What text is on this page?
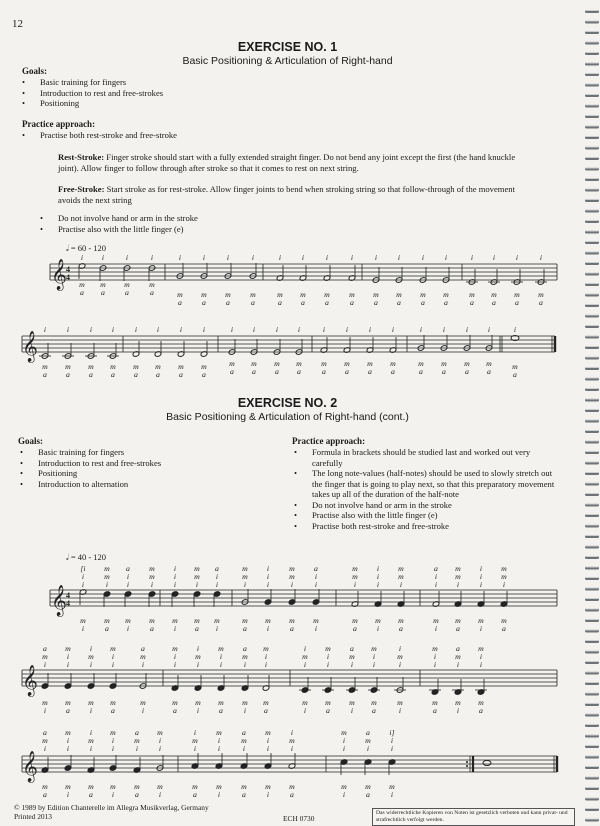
12
EXERCISE NO. 1
Basic Positioning & Articulation of Right-hand
Goals:
• Basic training for fingers
• Introduction to rest and free-strokes
• Positioning
Practice approach:
• Practise both rest-stroke and free-stroke
Rest-Stroke: Finger stroke should start with a fully extended straight finger. Do not bend any joint except the first (the hand knuckle joint). Allow finger to follow through after stroke so that it comes to rest on next string.
Free-Stroke: Start stroke as for rest-stroke. Allow finger joints to bend when stroking string so that follow-through of the movement avoids the next string
• Do not involve hand or arm in the stroke
• Practise also with the little finger (e)
𝅗𝅥 = 60 - 120
𝄞 4
4
i
m
a
i
m
a
i
m
a
i
m
a
i
m
a
i
m
a
i
m
a
i
m
a
i
m
a
i
m
a
i
m
a
i
m
a
i
m
a
i
m
a
i
m
a
i
m
a
i
m
a
i
m
a
i
m
a
i
m
a
𝄞
i
m
a
i
m
a
i
m
a
i
m
a
i
m
a
i
m
a
i
m
a
i
m
a
i
m
a
i
m
a
i
m
a
i
m
a
i
m
a
i
m
a
i
m
a
i
m
a
i
m
a
i
m
a
i
m
a
i
m
a
i
m
a
EXERCISE NO. 2
Basic Positioning & Articulation of Right-hand (cont.)
Goals:
• Basic training for fingers
• Introduction to rest and free-strokes
• Positioning
• Introduction to alternation
Practice approach:
• Formula in brackets should be studied last and worked out very carefully
• The long note-values (half-notes) should be used to slowly stretch out the finger that is going to play next, so that this preparatory movement takes up all of the duration of the half-note
• Do not involve hand or arm in the stroke
• Practise also with the little finger (e)
• Practise both rest-stroke and free-stroke
𝅗𝅥 = 40 - 120
𝄞 4
4
[i
i
i
m
i
m
m
i
m
a
a
i
i
m
i
m
m
i
m
a
i
i
i
m
i
m
m
i
m
a
a
i
i
m
i
m
m
i
m
a
i
i
i
m
i
m
m
i
m
a
a
i
i
m
i
m
m
i
m
a
i
i
i
m
i
m
m
i
m
a
a
i
i
m
i
m
m
i
m
a
i
i
i
m
i
m
m
i
m
a
𝄞
a
m
i
m
i
m
i
i
m
a
i
m
i
m
i
m
i
i
m
a
a
m
i
m
i
m
i
i
m
a
i
m
i
m
i
m
i
i
m
a
a
m
i
m
i
m
i
i
m
a
i
m
i
m
i
m
i
i
m
a
a
m
i
m
i
m
i
i
m
a
i
m
i
m
i
m
i
i
m
a
a
m
i
m
i
m
i
i
m
a
𝄞
a
m
i
m
a
m
i
i
m
i
i
m
i
m
a
m
i
i
m
i
a
m
i
m
a
m
i
i
m
i
i
m
i
m
a
m
i
i
m
i
a
m
i
m
a
m
i
i
m
i
i
m
i
m
a
m
i
i
m
i
a
m
i
m
a
i]
i
i
m
i
© 1989 by Edition Chanterelle im Allegra Musikverlag, Germany
Printed 2013	ECH 0730
Das widerrechtliche Kopieren von Noten ist gesetzlich verboten und kann privat- und strafrechtlich verfolgt werden.
